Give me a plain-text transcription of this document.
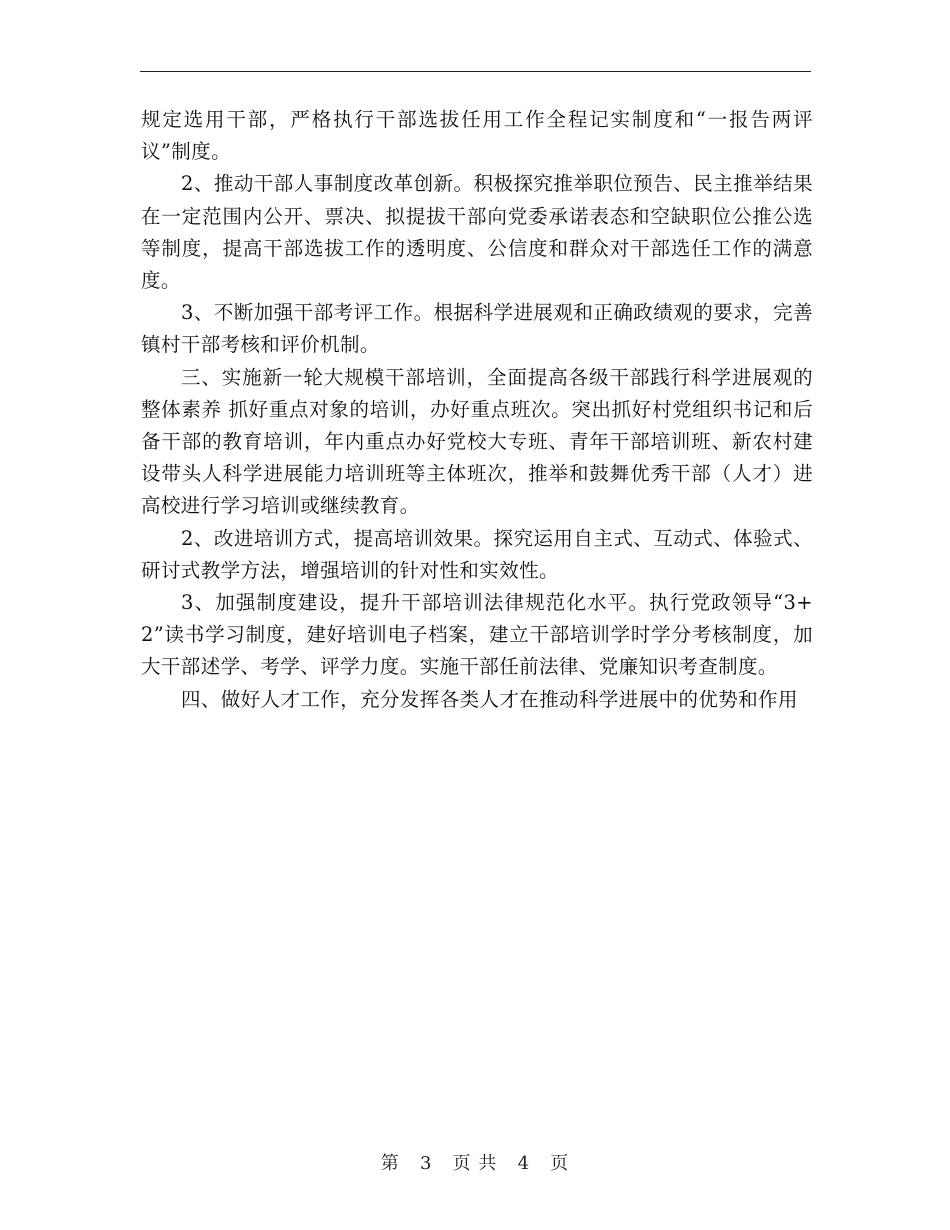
规定选用干部，严格执行干部选拔任用工作全程记实制度和“一报告两评议”制度。

2、推动干部人事制度改革创新。积极探究推举职位预告、民主推举结果在一定范围内公开、票决、拟提拔干部向党委承诺表态和空缺职位公推公选等制度，提高干部选拔工作的透明度、公信度和群众对干部选任工作的满意度。

3、不断加强干部考评工作。根据科学进展观和正确政绩观的要求，完善镇村干部考核和评价机制。

三、实施新一轮大规模干部培训，全面提高各级干部践行科学进展观的整体素养 抓好重点对象的培训，办好重点班次。突出抓好村党组织书记和后备干部的教育培训，年内重点办好党校大专班、青年干部培训班、新农村建设带头人科学进展能力培训班等主体班次，推举和鼓舞优秀干部（人才）进高校进行学习培训或继续教育。

2、改进培训方式，提高培训效果。探究运用自主式、互动式、体验式、研讨式教学方法，增强培训的针对性和实效性。

3、加强制度建设，提升干部培训法律规范化水平。执行党政领导“3+2”读书学习制度，建好培训电子档案，建立干部培训学时学分考核制度，加大干部述学、考学、评学力度。实施干部任前法律、党廉知识考查制度。

四、做好人才工作，充分发挥各类人才在推动科学进展中的优势和作用

第 3 页 共 4 页
